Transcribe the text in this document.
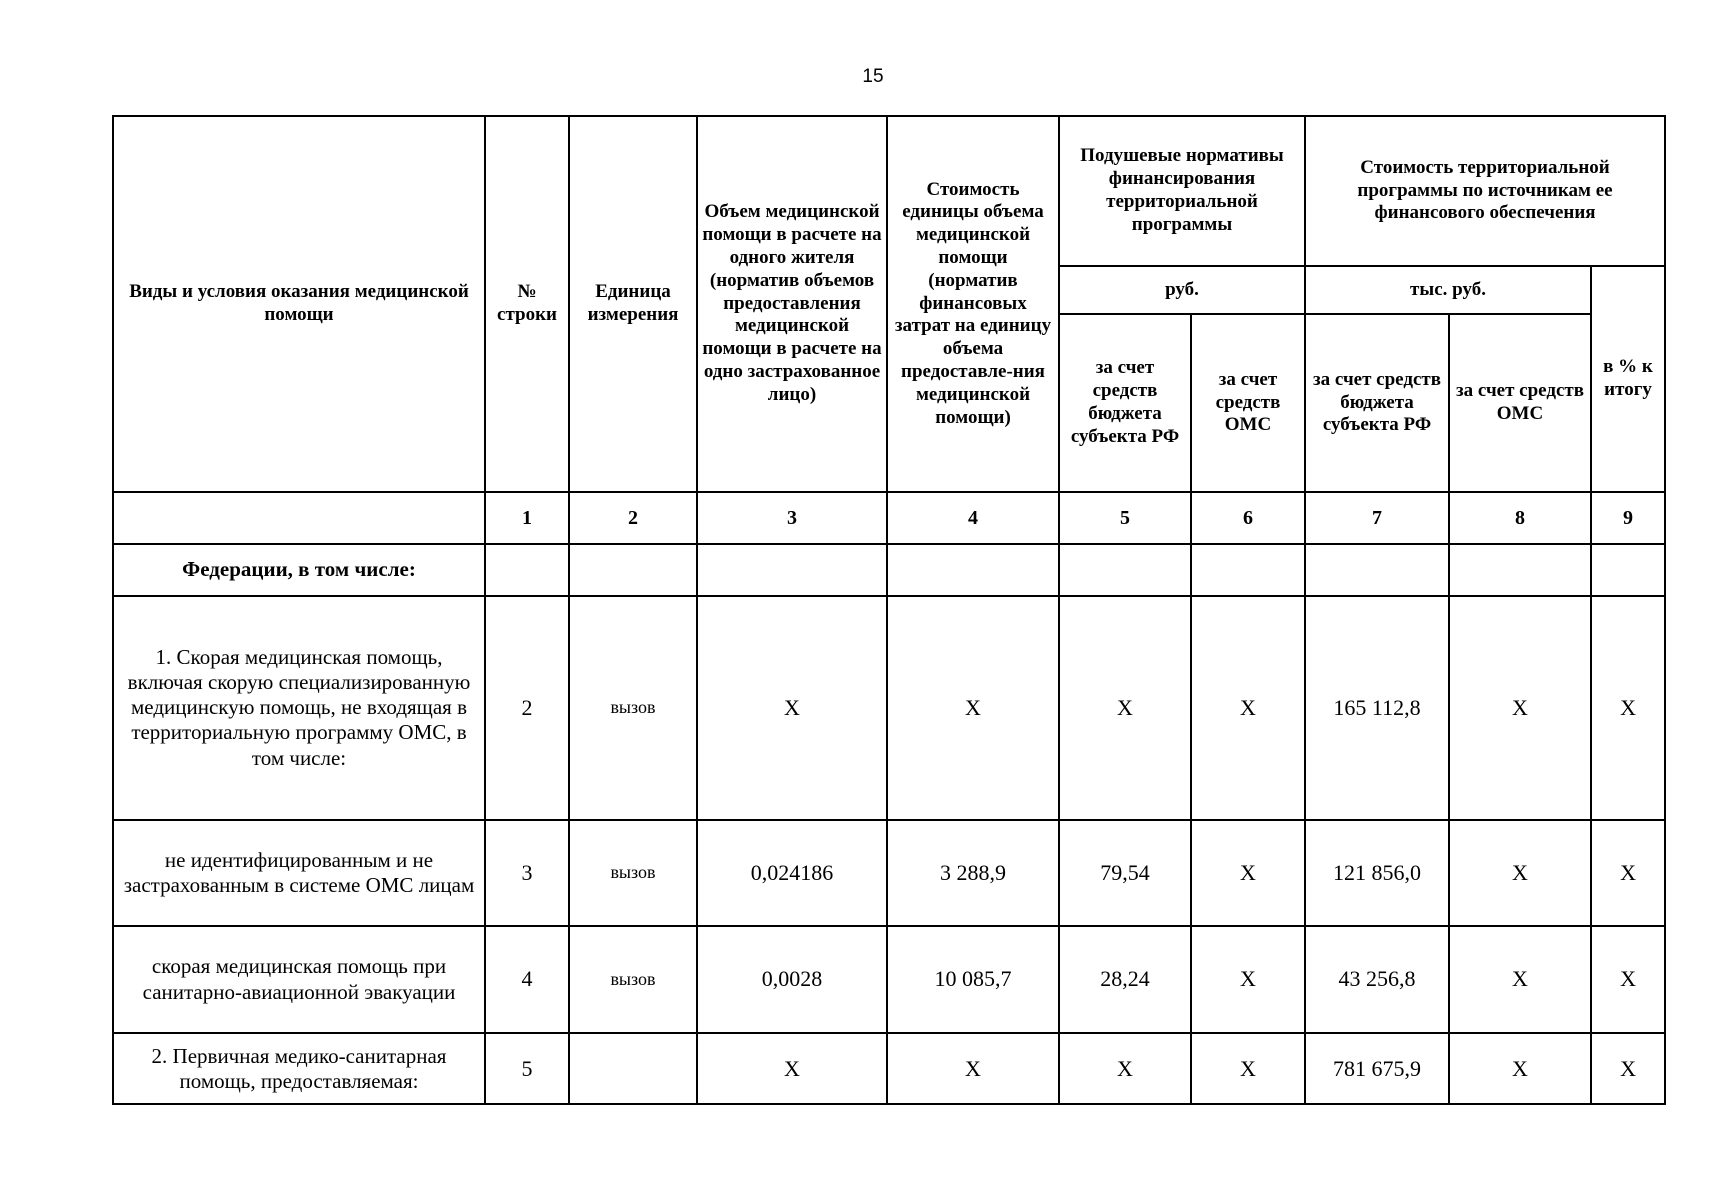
15
Виды и условия оказания медицинской помощи	№ строки	Единица измерения	Объем медицинской помощи в расчете на одного жителя (норматив объемов предоставления медицинской помощи в расчете на одно застрахованное лицо)	Стоимость единицы объема медицинской помощи (норматив финансовых затрат на единицу объема предоставле-ния медицинской помощи)	Подушевые нормативы финансирования территориальной программы		Стоимость территориальной программы по источникам ее финансового обеспечения		
					руб.		тыс. руб.		в % к итогу
					за счет средств бюджета субъекта РФ	за счет средств ОМС	за счет средств бюджета субъекта РФ	за счет средств ОМС	
	1	2	3	4	5	6	7	8	9
Федерации, в том числе:									
1. Скорая медицинская помощь, включая скорую специализированную медицинскую помощь, не входящая в территориальную программу ОМС, в том числе:	2	вызов	X	X	X	X	165 112,8	X	X
не идентифицированным и не застрахованным в системе ОМС лицам	3	вызов	0,024186	3 288,9	79,54	X	121 856,0	X	X
скорая медицинская помощь при санитарно-авиационной эвакуации	4	вызов	0,0028	10 085,7	28,24	X	43 256,8	X	X
2. Первичная медико-санитарная помощь, предоставляемая:	5		X	X	X	X	781 675,9	X	X
